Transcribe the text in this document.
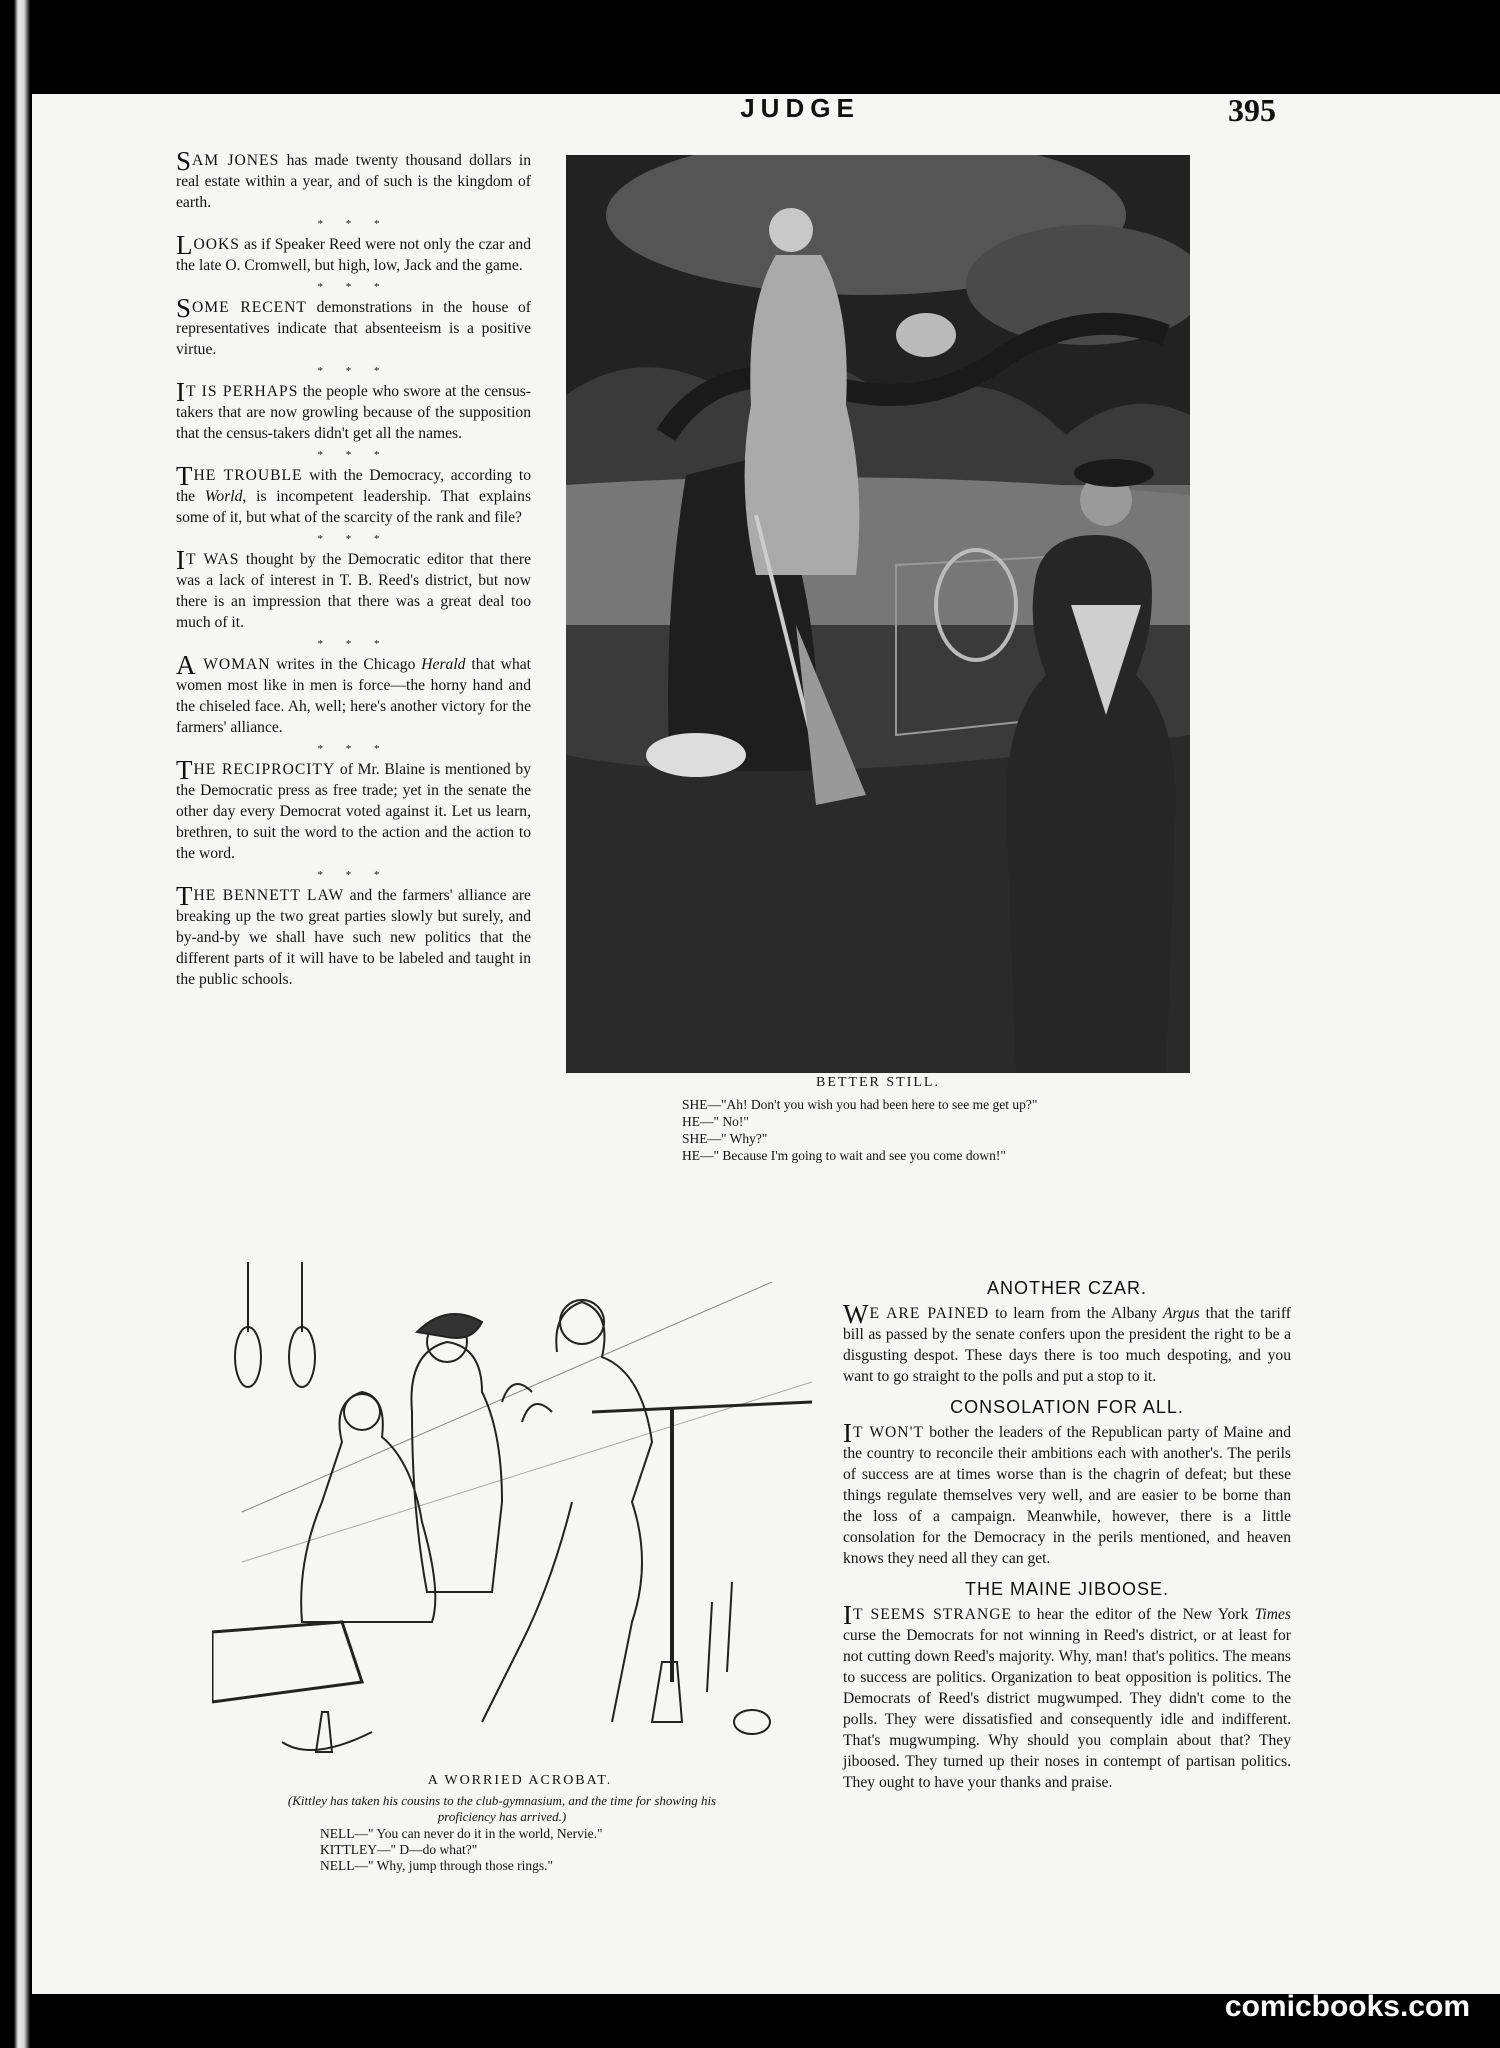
JUDGE	395

SAM JONES has made twenty thousand dollars in real estate within a year, and of such is the kingdom of earth.

* * *

LOOKS as if Speaker Reed were not only the czar and the late O. Cromwell, but high, low, Jack and the game.

* * *

SOME RECENT demonstrations in the house of representatives indicate that absenteeism is a positive virtue.

* * *

IT IS PERHAPS the people who swore at the census-takers that are now growling because of the supposition that the census-takers didn't get all the names.

* * *

THE TROUBLE with the Democracy, according to the World, is incompetent leadership. That explains some of it, but what of the scarcity of the rank and file?

* * *

IT WAS thought by the Democratic editor that there was a lack of interest in T. B. Reed's district, but now there is an impression that there was a great deal too much of it.

* * *

A WOMAN writes in the Chicago Herald that what women most like in men is force—the horny hand and the chiseled face. Ah, well; here's another victory for the farmers' alliance.

* * *

THE RECIPROCITY of Mr. Blaine is mentioned by the Democratic press as free trade; yet in the senate the other day every Democrat voted against it. Let us learn, brethren, to suit the word to the action and the action to the word.

* * *

THE BENNETT LAW and the farmers' alliance are breaking up the two great parties slowly but surely, and by-and-by we shall have such new politics that the different parts of it will have to be labeled and taught in the public schools.

BETTER STILL.
SHE—"Ah! Don't you wish you had been here to see me get up?"
HE—" No!"
SHE—" Why?"
HE—" Because I'm going to wait and see you come down!"
A WORRIED ACROBAT.
(Kittley has taken his cousins to the club-gymnasium, and the time for showing his proficiency has arrived.)
NELL—" You can never do it in the world, Nervie."
KITTLEY—" D—do what?"
NELL—" Why, jump through those rings."
ANOTHER CZAR.

WE ARE PAINED to learn from the Albany Argus that the tariff bill as passed by the senate confers upon the president the right to be a disgusting despot. These days there is too much despoting, and you want to go straight to the polls and put a stop to it.

CONSOLATION FOR ALL.

IT WON'T bother the leaders of the Republican party of Maine and the country to reconcile their ambitions each with another's. The perils of success are at times worse than is the chagrin of defeat; but these things regulate themselves very well, and are easier to be borne than the loss of a campaign. Meanwhile, however, there is a little consolation for the Democracy in the perils mentioned, and heaven knows they need all they can get.

THE MAINE JIBOOSE.

IT SEEMS STRANGE to hear the editor of the New York Times curse the Democrats for not winning in Reed's district, or at least for not cutting down Reed's majority. Why, man! that's politics. The means to success are politics. Organization to beat opposition is politics. The Democrats of Reed's district mugwumped. They didn't come to the polls. They were dissatisfied and consequently idle and indifferent. That's mugwumping. Why should you complain about that? They jiboosed. They turned up their noses in contempt of partisan politics. They ought to have your thanks and praise.

comicbooks.com
